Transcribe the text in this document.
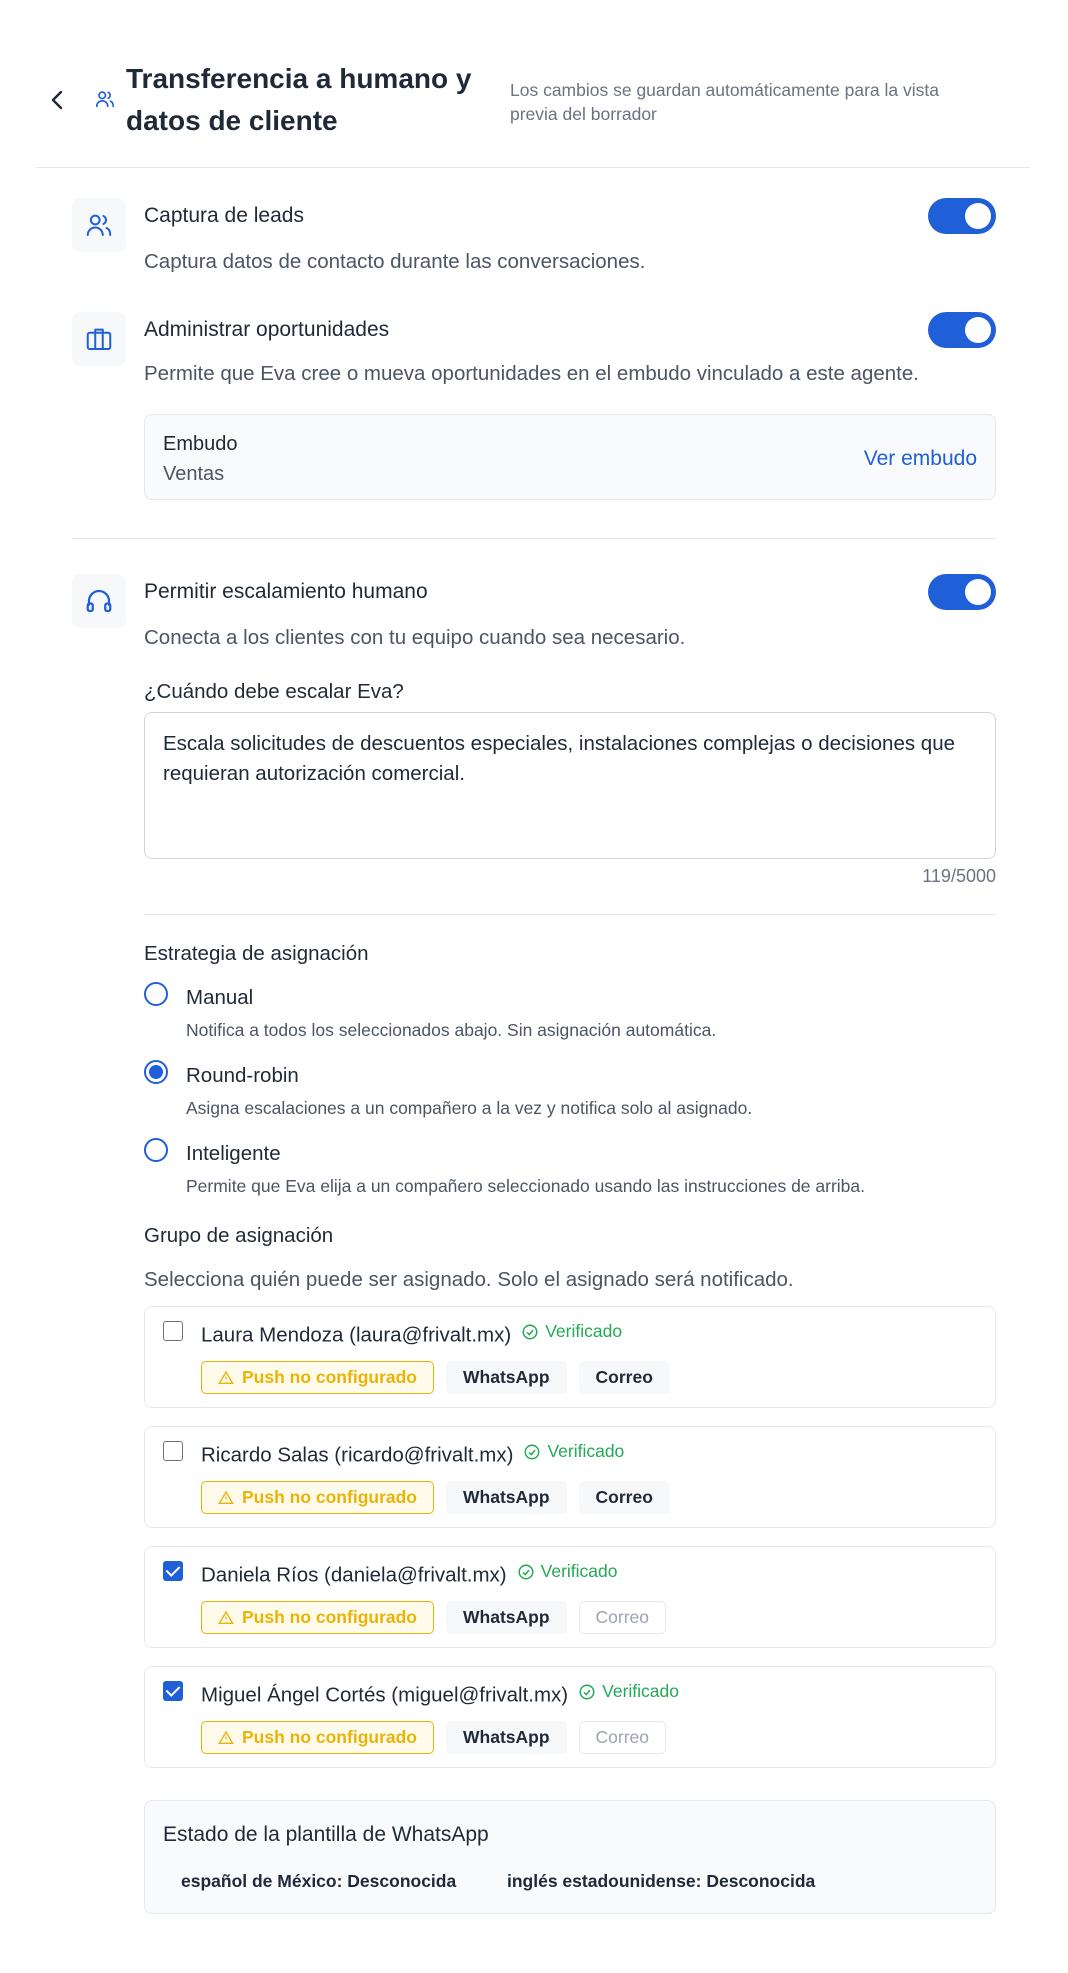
Transferencia a humano y datos de cliente
Los cambios se guardan automáticamente para la vista previa del borrador
Captura de leads
Captura datos de contacto durante las conversaciones.
Administrar oportunidades
Permite que Eva cree o mueva oportunidades en el embudo vinculado a este agente.
Embudo
Ventas
Ver embudo
Permitir escalamiento humano
Conecta a los clientes con tu equipo cuando sea necesario.
¿Cuándo debe escalar Eva?
Escala solicitudes de descuentos especiales, instalaciones complejas o decisiones que requieran autorización comercial.
119/5000
Estrategia de asignación
Manual
Notifica a todos los seleccionados abajo. Sin asignación automática.
Round-robin
Asigna escalaciones a un compañero a la vez y notifica solo al asignado.
Inteligente
Permite que Eva elija a un compañero seleccionado usando las instrucciones de arriba.
Grupo de asignación
Selecciona quién puede ser asignado. Solo el asignado será notificado.
Laura Mendoza (laura@frivalt.mx) Verificado
Push no configurado	WhatsApp	Correo
Ricardo Salas (ricardo@frivalt.mx) Verificado
Push no configurado	WhatsApp	Correo
Daniela Ríos (daniela@frivalt.mx) Verificado
Push no configurado	WhatsApp	Correo
Miguel Ángel Cortés (miguel@frivalt.mx) Verificado
Push no configurado	WhatsApp	Correo
Estado de la plantilla de WhatsApp
español de México: Desconocida	inglés estadounidense: Desconocida
